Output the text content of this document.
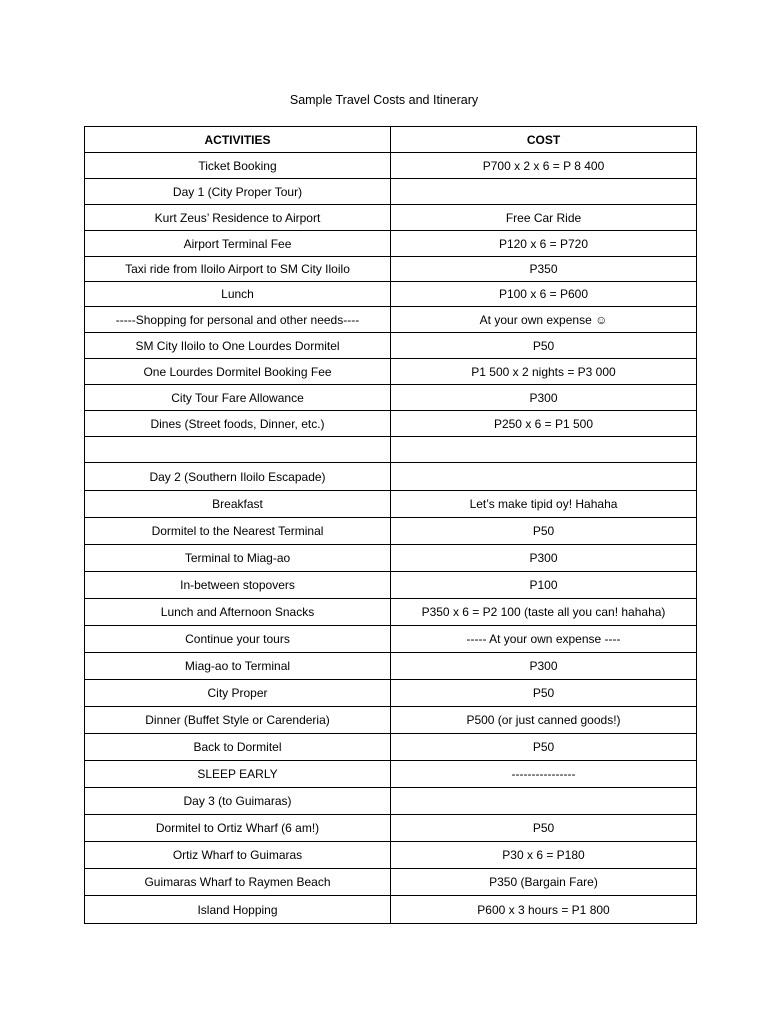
Sample Travel Costs and Itinerary
ACTIVITIES	COST
Ticket Booking	P700 x 2 x 6 = P 8 400
Day 1 (City Proper Tour)	
Kurt Zeus’ Residence to Airport	Free Car Ride
Airport Terminal Fee	P120 x 6 = P720
Taxi ride from Iloilo Airport to SM City Iloilo	P350
Lunch	P100 x 6 = P600
-----Shopping for personal and other needs----	At your own expense ☺
SM City Iloilo to One Lourdes Dormitel	P50
One Lourdes Dormitel Booking Fee	P1 500 x 2 nights = P3 000
City Tour Fare Allowance	P300
Dines (Street foods, Dinner, etc.)	P250 x 6 = P1 500

Day 2 (Southern Iloilo Escapade)	
Breakfast	Let’s make tipid oy! Hahaha
Dormitel to the Nearest Terminal	P50
Terminal to Miag-ao	P300
In-between stopovers	P100
Lunch and Afternoon Snacks	P350 x 6 = P2 100 (taste all you can! hahaha)
Continue your tours	----- At your own expense ----
Miag-ao to Terminal	P300
City Proper	P50
Dinner (Buffet Style or Carenderia)	P500 (or just canned goods!)
Back to Dormitel	P50
SLEEP EARLY	----------------
Day 3 (to Guimaras)	
Dormitel to Ortiz Wharf (6 am!)	P50
Ortiz Wharf to Guimaras	P30 x 6 = P180
Guimaras Wharf to Raymen Beach	P350 (Bargain Fare)
Island Hopping	P600 x 3 hours = P1 800
